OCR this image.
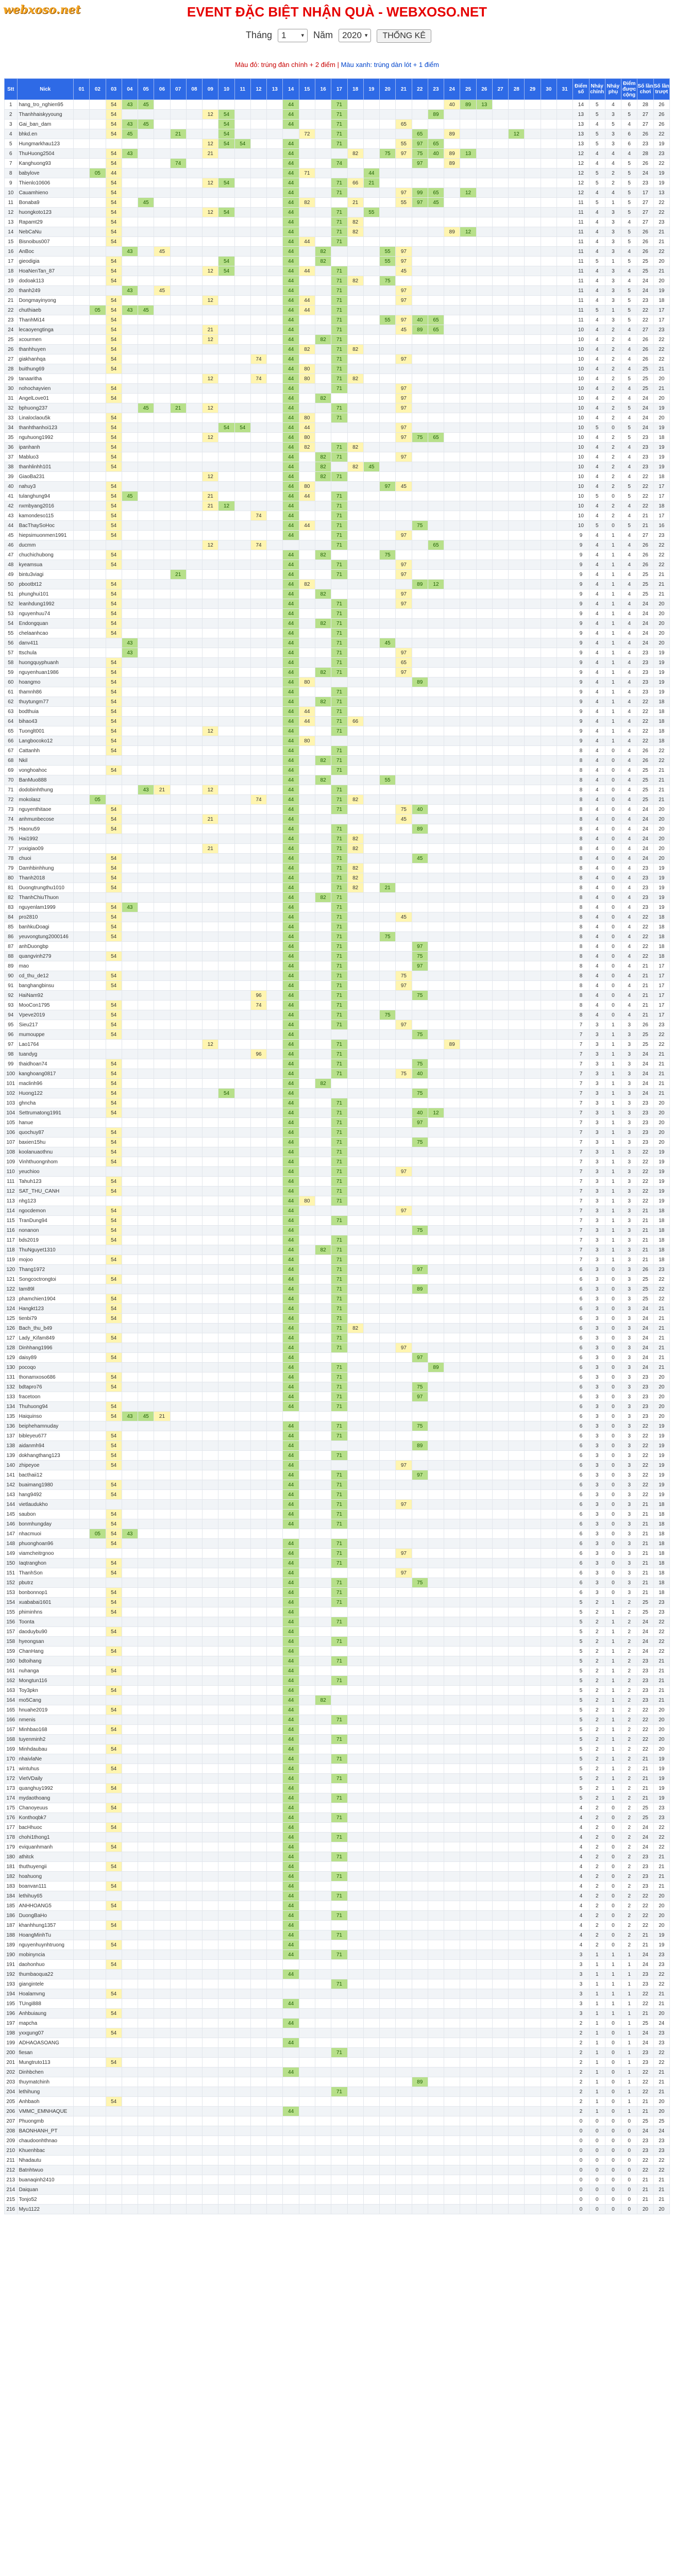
webxoso.net	EVENT ĐẶC BIỆT NHẬN QUÀ - WEBXOSO.NET
Tháng 1	▾ Năm 2020 ▾ THỐNG KÊ
Màu đỏ: trúng đàn chính + 2 điểm | Màu xanh: trúng dàn lót + 1 điểm
Stt	Nick	01	02	03	04	05	06	07	08	09	10	11	12	13	14	15	16	17	18	19	20	21	22	23	24	25	26	27	28	29	30	31	Điểm số	Nháy chính	Nháy phụ	Điểm được cộng	Số lần chơi	Số lần trượt
1	hang_tro_nghien95			54	43	45									44			71							40	89	13						14	5	4	6	28	26
2	Thanhhaiskyyoung			54						12	54				44			71						89									13	5	3	5	27	26
3	Gai_ban_dam			54	43	45					54				44			71				65											13	4	5	4	27	26
4	bhkd.en			54	45			21			54					72		71					65		89				12				13	5	3	6	26	22
5	Hungmarkhau123									12	54	54			44			71				55	97	65									13	5	3	6	23	19
6	ThuHuong2504			54	43					21					44				82		75	97	75	40	89	13							12	4	4	4	28	23
7	Kanghuong93			54				74							44			74					97		89								12	4	4	5	26	22
8	babylove		05	44											44	71				44													12	5	2	5	24	19
9	Thienlo10606			54						12	54				44			71	66	21													12	5	2	5	23	19
10	Cauamhieno			54											44			71				97	99	65		12							12	4	4	5	17	13
11	Bonaba9			54		45									44	82			21			55	97	45									11	5	1	5	27	22
12	huongkoto123			54						12	54				44			71		55													11	4	3	5	27	22
13	Rapamt29			54											44			71	82														11	4	3	4	27	23
14	NebCaNu			54											44			71	82						89	12							11	4	3	5	26	21
15	Bisnoibus007			54											44	44		71															11	4	3	5	26	21
16	AnBoc				43		45								44		82				55	97											11	4	3	4	26	22
17	gieodigia			54							54				44		82				55	97											11	5	1	5	25	20
18	HoaNenTan_87			54						12	54				44	44		71				45											11	4	3	4	25	21
19	dodoak113			54											44			71	82		75												11	4	3	4	24	20
20	thanh249				43		45								44			71				97											11	4	3	5	24	19
21	Dongmayinyong			54						12					44	44		71				97											11	4	3	5	23	18
22	chuthiaeb		05	54	43	45									44	44		71															11	5	1	5	22	17
23	ThanhMi14			54											44			71			55	97	40	65									11	4	3	5	22	17
24	lecaoyengtinga			54						21					44			71				45	89	65									10	4	2	4	27	23
25	xcourmen			54						12					44		82	71															10	4	2	4	26	22
26	thanhhuyen			54											44	82		71	82														10	4	2	4	26	22
27	giakhanhqa			54									74		44			71				97											10	4	2	4	26	22
28	buithung69			54											44	80		71															10	4	2	4	25	21
29	tanaaritha									12			74		44	80		71	82														10	4	2	5	25	20
30	nohochayvien			54											44			71				97											10	4	2	4	25	21
31	AngelLove01			54											44		82					97											10	4	2	4	24	20
32	bphuong237					45		21		12					44			71				97											10	4	2	5	24	19
33	Linaloclaou5k			54											44	80		71															10	4	2	4	24	20
34	thanhthanhoi123			54							54	54			44	44						97											10	5	0	5	24	19
35	nguhuong1992			54						12					44	80						97	75	65									10	4	2	5	23	18
36	ipanhanh			54											44	82		71	82														10	4	2	4	23	19
37	Mabluo3			54											44		82	71				97											10	4	2	4	23	19
38	thanhlinhh101			54											44		82		82	45													10	4	2	4	23	19
39	GiaoBa231									12					44		82	71															10	4	2	4	22	18
40	nahuy3			54											44	80					97	45											10	4	2	5	22	17
41	tulanghung94			54	45					21					44	44		71															10	5	0	5	22	17
42	nxmbyang2016			54						21	12				44			71															10	4	2	4	22	18
43	kamondeso115			54									74		44			71															10	4	2	4	21	17
44	BacThaySoHoc			54											44	44		71					75										10	5	0	5	21	16
45	hiepsimuonmen1991			54											44			71				97											9	4	1	4	27	23
46	ducmm									12			74					71						65									9	4	1	4	26	22
47	chuchichubong			54											44		82				75												9	4	1	4	26	22
48	kyeamsua			54											44			71				97											9	4	1	4	26	22
49	bintu3viagi							21							44			71				97											9	4	1	4	25	21
50	pbootbt12			54											44	82							89	12									9	4	1	4	25	21
51	phunghui101			54											44		82					97											9	4	1	4	25	21
52	leanhdung1992			54											44			71				97											9	4	1	4	24	20
53	nguyenhuu74			54											44			71															9	4	1	4	24	20
54	Endongquan			54											44		82	71															9	4	1	4	24	20
55	chelaanhcao			54											44			71															9	4	1	4	24	20
56	danv411				43										44			71			45												9	4	1	4	24	20
57	ttschula				43										44			71				97											9	4	1	4	23	19
58	huongquyphuanh			54											44			71				65											9	4	1	4	23	19
59	nguyenhuan1986			54											44		82	71				97											9	4	1	4	23	19
60	hoangmo			54											44	80							89										9	4	1	4	23	19
61	thamnh86			54											44			71															9	4	1	4	23	19
62	thuytungm77			54											44		82	71															9	4	1	4	22	18
63	bodthuia			54											44	44		71															9	4	1	4	22	18
64	bihao43			54											44	44		71	66														9	4	1	4	22	18
65	Tuonglt001			54						12					44			71															9	4	1	4	22	18
66	Langbocoko12			54											44	80																	9	4	1	4	22	18
67	Cattanhh			54											44			71															8	4	0	4	26	22
68	Nkil														44		82	71															8	4	0	4	26	22
69	vonghoahoc			54											44			71															8	4	0	4	25	21
70	BanMuo888														44		82				55												8	4	0	4	25	21
71	dodobinhthung					43	21			12					44			71															8	4	0	4	25	21
72	mokolasz		05										74		44			71	82														8	4	0	4	25	21
73	nguyenthitaoe			54											44			71				75	40										8	4	0	4	24	20
74	anhmunbecose			54						21					44							45											8	4	0	4	24	20
75	Haonu59			54											44			71					89										8	4	0	4	24	20
76	Hai1992														44			71	82														8	4	0	4	24	20
77	yoxigiao09									21					44			71	82														8	4	0	4	24	20
78	chuoi			54											44			71					45										8	4	0	4	24	20
79	Damhbinhhung			54											44			71	82														8	4	0	4	23	19
80	Thanh2018			54											44			71	82														8	4	0	4	23	19
81	Duongtrungthu1010			54											44			71	82		21												8	4	0	4	23	19
82	ThanhChiuThuon														44		82	71															8	4	0	4	23	19
83	nguyenlam1999			54	43										44			71															8	4	0	4	23	19
84	pro2810			54											44			71				45											8	4	0	4	22	18
85	banhkuDoagi			54											44			71															8	4	0	4	22	18
86	yeuvongtung2000146			54											44			71			75												8	4	0	4	22	18
87	anhDuongbp														44			71					97										8	4	0	4	22	18
88	quangvinh279			54											44			71					75										8	4	0	4	22	18
89	mao														44			71					97										8	4	0	4	21	17
90	cd_thu_de12			54											44			71				75											8	4	0	4	21	17
91	banghangbinsu			54											44			71				97											8	4	0	4	21	17
92	HaiNam92												96		44			71					75										8	4	0	4	21	17
93	MooCon1795			54									74		44			71															8	4	0	4	21	17
94	Vpeve2019			54											44			71			75												8	4	0	4	21	17
95	Sieu217			54											44			71				97											7	3	1	3	26	23
96	mumouppe			54											44								75										7	3	1	3	25	22
97	Lao1764									12					44			71							89								7	3	1	3	25	22
98	tuandyg												96		44			71															7	3	1	3	24	21
99	thaidhoan74			54											44			71					75										7	3	1	3	24	21
100	kanghoang0817			54											44			71				75	40										7	3	1	3	24	21
101	maclinh96			54											44		82																7	3	1	3	24	21
102	Huong122			54							54				44								75										7	3	1	3	24	21
103	ghncha			54											44			71															7	3	1	3	23	20
104	Settrumatong1991			54											44			71					40	12									7	3	1	3	23	20
105	hanue														44			71					97										7	3	1	3	23	20
106	quochuy87			54											44			71															7	3	1	3	23	20
107	baxien15hu			54											44			71					75										7	3	1	3	23	20
108	koolanuaothnu			54											44			71															7	3	1	3	22	19
109	Vinhthuongnhom			54											44			71															7	3	1	3	22	19
110	yeuchioo														44			71				97											7	3	1	3	22	19
111	Tahuh123			54											44			71															7	3	1	3	22	19
112	SAT_THU_CANH			54											44			71															7	3	1	3	22	19
113	nhg123														44	80		71															7	3	1	3	22	19
114	ngocdemon			54											44							97											7	3	1	3	21	18
115	TranDung94			54											44			71															7	3	1	3	21	18
116	nonanon			54											44								75										7	3	1	3	21	18
117	bds2019			54											44			71															7	3	1	3	21	18
118	ThuNguyet1310														44		82	71															7	3	1	3	21	18
119	mojoo			54											44			71															7	3	1	3	21	18
120	Thang1972														44			71					97										6	3	0	3	26	23
121	Songcoctrongtoi			54											44			71															6	3	0	3	25	22
122	tam89l														44			71					89										6	3	0	3	25	22
123	phamchien1904			54											44			71															6	3	0	3	25	22
124	Hangkt123			54											44			71															6	3	0	3	24	21
125	tienbi79			54											44			71															6	3	0	3	24	21
126	Bach_thu_b49														44			71	82														6	3	0	3	24	21
127	Lady_Kifam849			54											44			71															6	3	0	3	24	21
128	Dinhhang1996														44			71				97											6	3	0	3	24	21
129	daisy89			54											44								97										6	3	0	3	24	21
130	pocoqo														44			71						89									6	3	0	3	24	21
131	thonamxoso686			54											44			71															6	3	0	3	23	20
132	bdtapro76			54											44			71					75										6	3	0	3	23	20
133	fracetoon														44			71					97										6	3	0	3	23	20
134	Thuhuong94			54											44			71															6	3	0	3	23	20
135	Haiquinso			54	43	45	21																										6	3	0	3	23	20
136	beiphehamnuday														44			71					75										6	3	0	3	22	19
137	bibleyeu677			54											44			71															6	3	0	3	22	19
138	aidanmh94			54											44								89										6	3	0	3	22	19
139	dokhangthang123			54											44			71															6	3	0	3	22	19
140	zhipeyoe			54											44							97											6	3	0	3	22	19
141	bacthaii12														44			71					97										6	3	0	3	22	19
142	buaimang1980			54											44			71															6	3	0	3	22	19
143	hang9492			54											44			71															6	3	0	3	22	19
144	vietlaudukho														44			71				97											6	3	0	3	21	18
145	saubon			54											44			71															6	3	0	3	21	18
146	bonmhungday			54											44			71															6	3	0	3	21	18
147	nhacmuoi		05	54	43																												6	3	0	3	21	18
148	phuonghoan96			54											44			71															6	3	0	3	21	18
149	viamcheitrgnoo														44			71				97											6	3	0	3	21	18
150	Iaqtranghon			54											44			71															6	3	0	3	21	18
151	ThanhSon			54											44							97											6	3	0	3	21	18
152	pbutrz														44			71					75										6	3	0	3	21	18
153	bonbonnop1			54											44			71															6	3	0	3	21	18
154	xuababai1601			54											44			71															5	2	1	2	25	23
155	phiminhns			54											44																		5	2	1	2	25	23
156	Toonta														44			71															5	2	1	2	24	22
157	daoduybu90			54											44																		5	2	1	2	24	22
158	hyeongsan														44			71															5	2	1	2	24	22
159	ChanHang			54											44																		5	2	1	2	24	22
160	bdtoihang														44			71															5	2	1	2	23	21
161	nuhanga			54											44																		5	2	1	2	23	21
162	Mongtun116														44			71															5	2	1	2	23	21
163	Toy3pkn			54											44																		5	2	1	2	23	21
164	mo5Cang														44		82																5	2	1	2	23	21
165	hnuahe2019			54											44																		5	2	1	2	22	20
166	nmenis														44			71															5	2	1	2	22	20
167	Minhbao168			54											44																		5	2	1	2	22	20
168	tuyenminh2														44			71															5	2	1	2	22	20
169	Minhdaubau			54											44																		5	2	1	2	22	20
170	nhaivlaNe														44			71															5	2	1	2	21	19
171	wintuhus			54											44																		5	2	1	2	21	19
172	VietVDaily														44			71															5	2	1	2	21	19
173	quanghuy1992			54											44																		5	2	1	2	21	19
174	mydaothoang														44			71															5	2	1	2	21	19
175	Chanoyeuus			54											44																		4	2	0	2	25	23
176	Konthoqbk7														44			71															4	2	0	2	25	23
177	bacHhuoc			54											44																		4	2	0	2	24	22
178	chohi1thong1														44			71															4	2	0	2	24	22
179	eviquanhmanh			54											44																		4	2	0	2	24	22
180	athitck														44			71															4	2	0	2	23	21
181	thuthuyengii			54											44																		4	2	0	2	23	21
182	hoahuong														44			71															4	2	0	2	23	21
183	boanvan111			54											44																		4	2	0	2	23	21
184	lethihuy65														44			71															4	2	0	2	22	20
185	ANHHOANG5			54											44																		4	2	0	2	22	20
186	DuongBaHo														44			71															4	2	0	2	22	20
187	khanhhung1357			54											44																		4	2	0	2	22	20
188	HoangMinhTu														44			71															4	2	0	2	21	19
189	nguyenhuynhtruong			54											44																		4	2	0	2	21	19
190	mobinyncia														44			71															3	1	1	1	24	23
191	daohonhuo			54																													3	1	1	1	24	23
192	thumbaoqua22														44																		3	1	1	1	23	22
193	giangintele																	71															3	1	1	1	23	22
194	Hoalamvng			54																													3	1	1	1	22	21
195	TUngi888														44																		3	1	1	1	22	21
196	Anhbuiaung			54																													3	1	1	1	21	20
197	mapcha														44																		2	1	0	1	25	24
198	yxxgung07			54																													2	1	0	1	24	23
199	ADHAOASOANG														44																		2	1	0	1	24	23
200	fiesan																	71															2	1	0	1	23	22
201	Mungtruto113			54																													2	1	0	1	23	22
202	Dinhbchen														44																		2	1	0	1	22	21
203	thuymatchinh																						89										2	1	0	1	22	21
204	lethihung																	71															2	1	0	1	22	21
205	Anhbaoh			54																													2	1	0	1	21	20
206	VMMC_EMNHAQUE														44																		2	1	0	1	21	20
207	Phuongmb																																0	0	0	0	25	25
208	BAONHANH_PT																																0	0	0	0	24	24
209	chaudoonhthnao																																0	0	0	0	23	23
210	Khuenhbac																																0	0	0	0	23	23
211	Nhadautu																																0	0	0	0	22	22
212	Batnhtwuo																																0	0	0	0	22	22
213	buanaqinh2410																																0	0	0	0	21	21
214	Daiquan																																0	0	0	0	21	21
215	Tonjo52																																0	0	0	0	21	21
216	Myu1122																																0	0	0	0	20	20
